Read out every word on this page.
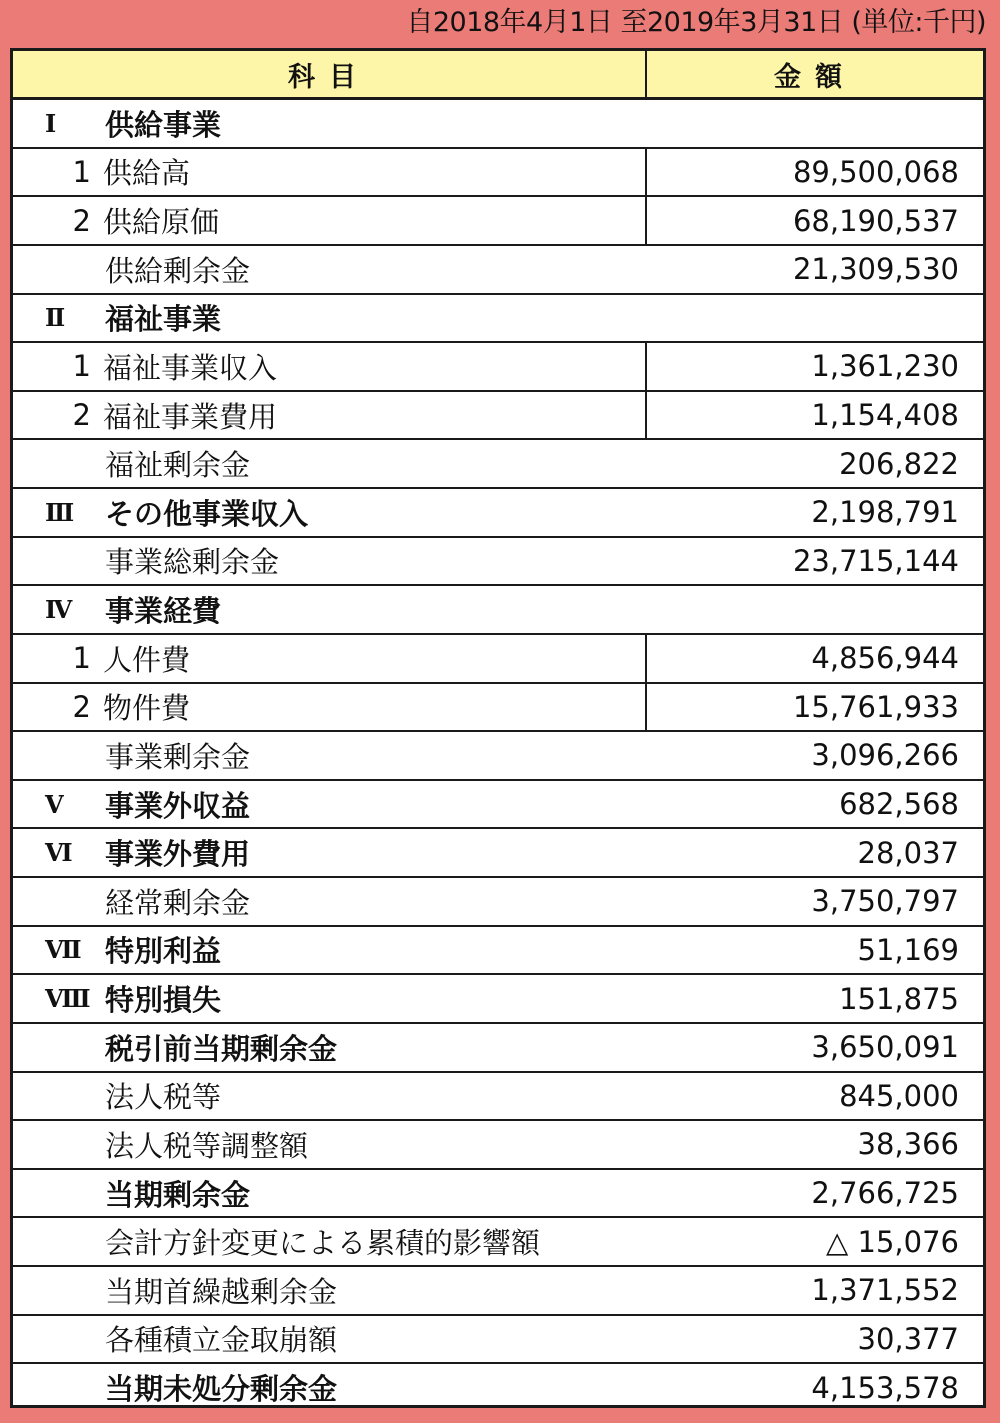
自2018年4月1日 至2019年3月31日 (単位:千円)
科目	金額
Ⅰ	供給事業
1 供給高	89,500,068
2 供給原価	68,190,537
供給剰余金	21,309,530
Ⅱ	福祉事業
1 福祉事業収入	1,361,230
2 福祉事業費用	1,154,408
福祉剰余金	206,822
Ⅲ	その他事業収入	2,198,791
事業総剰余金	23,715,144
Ⅳ	事業経費
1 人件費	4,856,944
2 物件費	15,761,933
事業剰余金	3,096,266
Ⅴ	事業外収益	682,568
Ⅵ	事業外費用	28,037
経常剰余金	3,750,797
Ⅶ 特別利益	51,169
Ⅷ 特別損失	151,875
税引前当期剰余金	3,650,091
法人税等	845,000
法人税等調整額	38,366
当期剰余金	2,766,725
会計方針変更による累積的影響額	△ 15,076
当期首繰越剰余金	1,371,552
各種積立金取崩額	30,377
当期未処分剰余金	4,153,578
